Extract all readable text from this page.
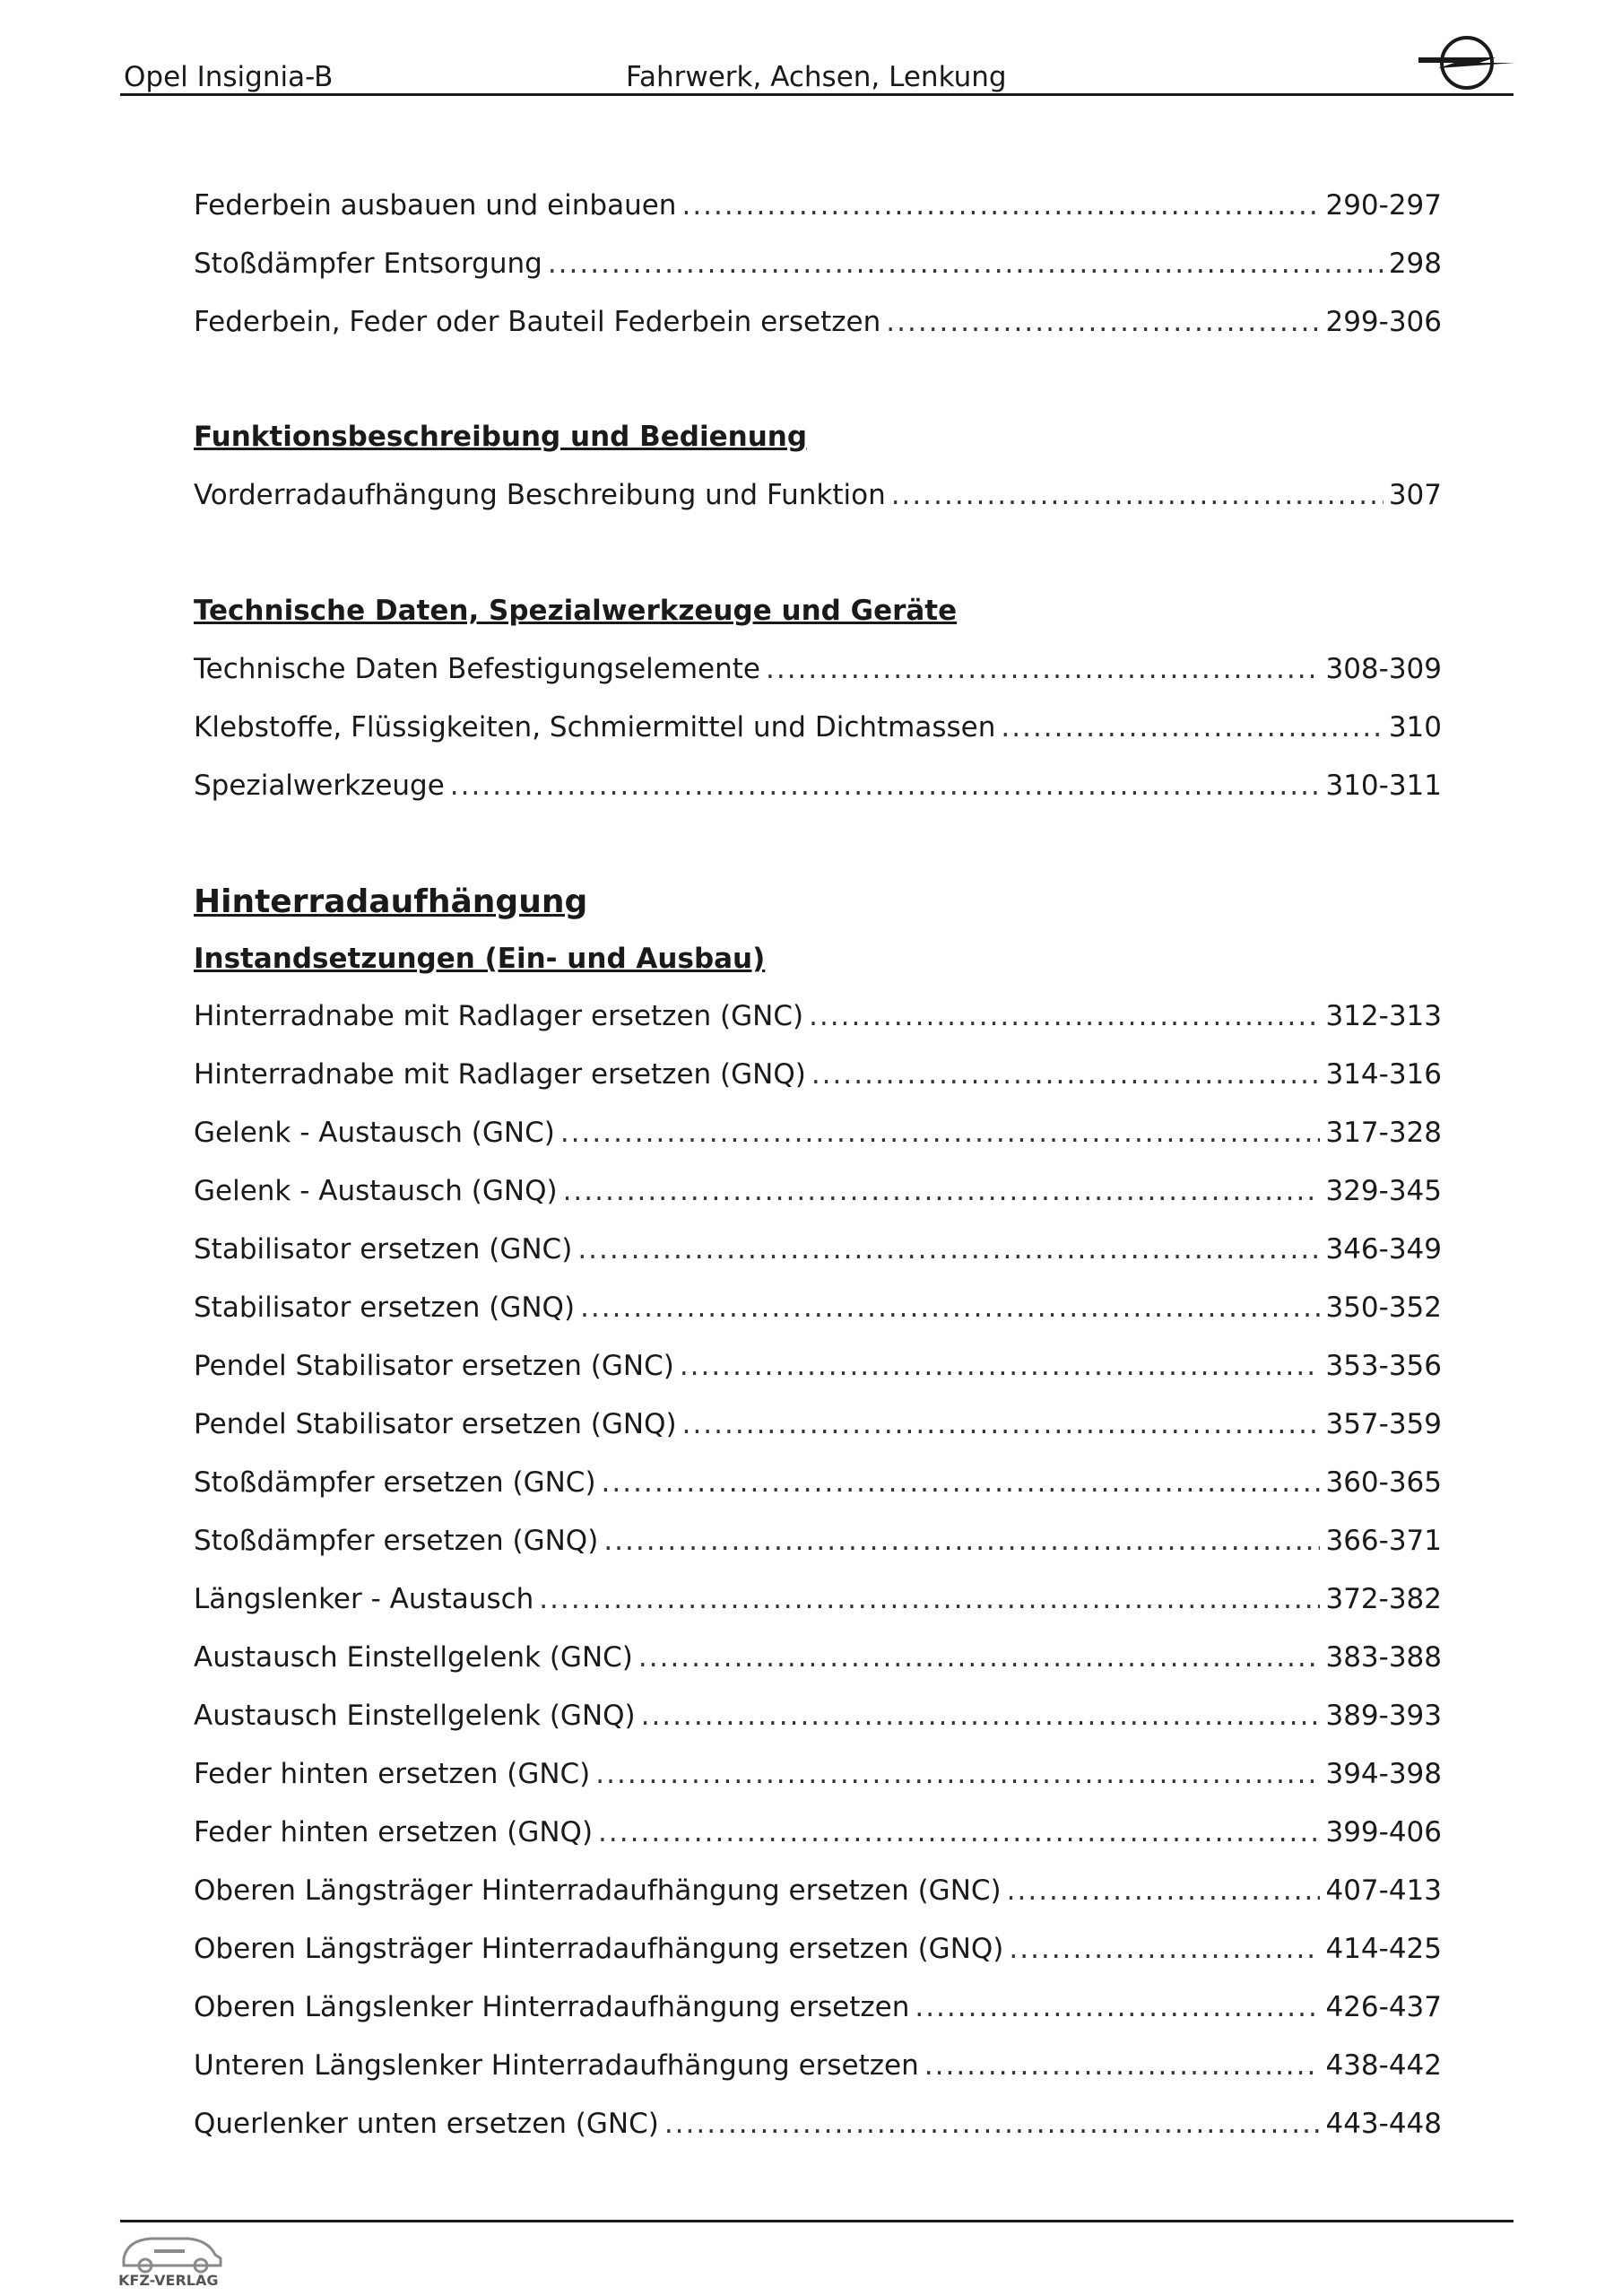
Opel Insignia-B	Fahrwerk, Achsen, Lenkung
Federbein ausbauen und einbauen .....	290-297
Stoßdämpfer Entsorgung .....	298
Federbein, Feder oder Bauteil Federbein ersetzen .....	299-306
Funktionsbeschreibung und Bedienung
Vorderradaufhängung Beschreibung und Funktion .....	307
Technische Daten, Spezialwerkzeuge und Geräte
Technische Daten Befestigungselemente .....	308-309
Klebstoffe, Flüssigkeiten, Schmiermittel und Dichtmassen .....	310
Spezialwerkzeuge .....	310-311
Hinterradaufhängung
Instandsetzungen (Ein- und Ausbau)
Hinterradnabe mit Radlager ersetzen (GNC) .....	312-313
Hinterradnabe mit Radlager ersetzen (GNQ) .....	314-316
Gelenk - Austausch (GNC) .....	317-328
Gelenk - Austausch (GNQ) .....	329-345
Stabilisator ersetzen (GNC) .....	346-349
Stabilisator ersetzen (GNQ) .....	350-352
Pendel Stabilisator ersetzen (GNC) .....	353-356
Pendel Stabilisator ersetzen (GNQ) .....	357-359
Stoßdämpfer ersetzen (GNC) .....	360-365
Stoßdämpfer ersetzen (GNQ) .....	366-371
Längslenker - Austausch .....	372-382
Austausch Einstellgelenk (GNC) .....	383-388
Austausch Einstellgelenk (GNQ) .....	389-393
Feder hinten ersetzen (GNC) .....	394-398
Feder hinten ersetzen (GNQ) .....	399-406
Oberen Längsträger Hinterradaufhängung ersetzen (GNC) .....	407-413
Oberen Längsträger Hinterradaufhängung ersetzen (GNQ) .....	414-425
Oberen Längslenker Hinterradaufhängung ersetzen .....	426-437
Unteren Längslenker Hinterradaufhängung ersetzen .....	438-442
Querlenker unten ersetzen (GNC) .....	443-448
KFZ-VERLAG
